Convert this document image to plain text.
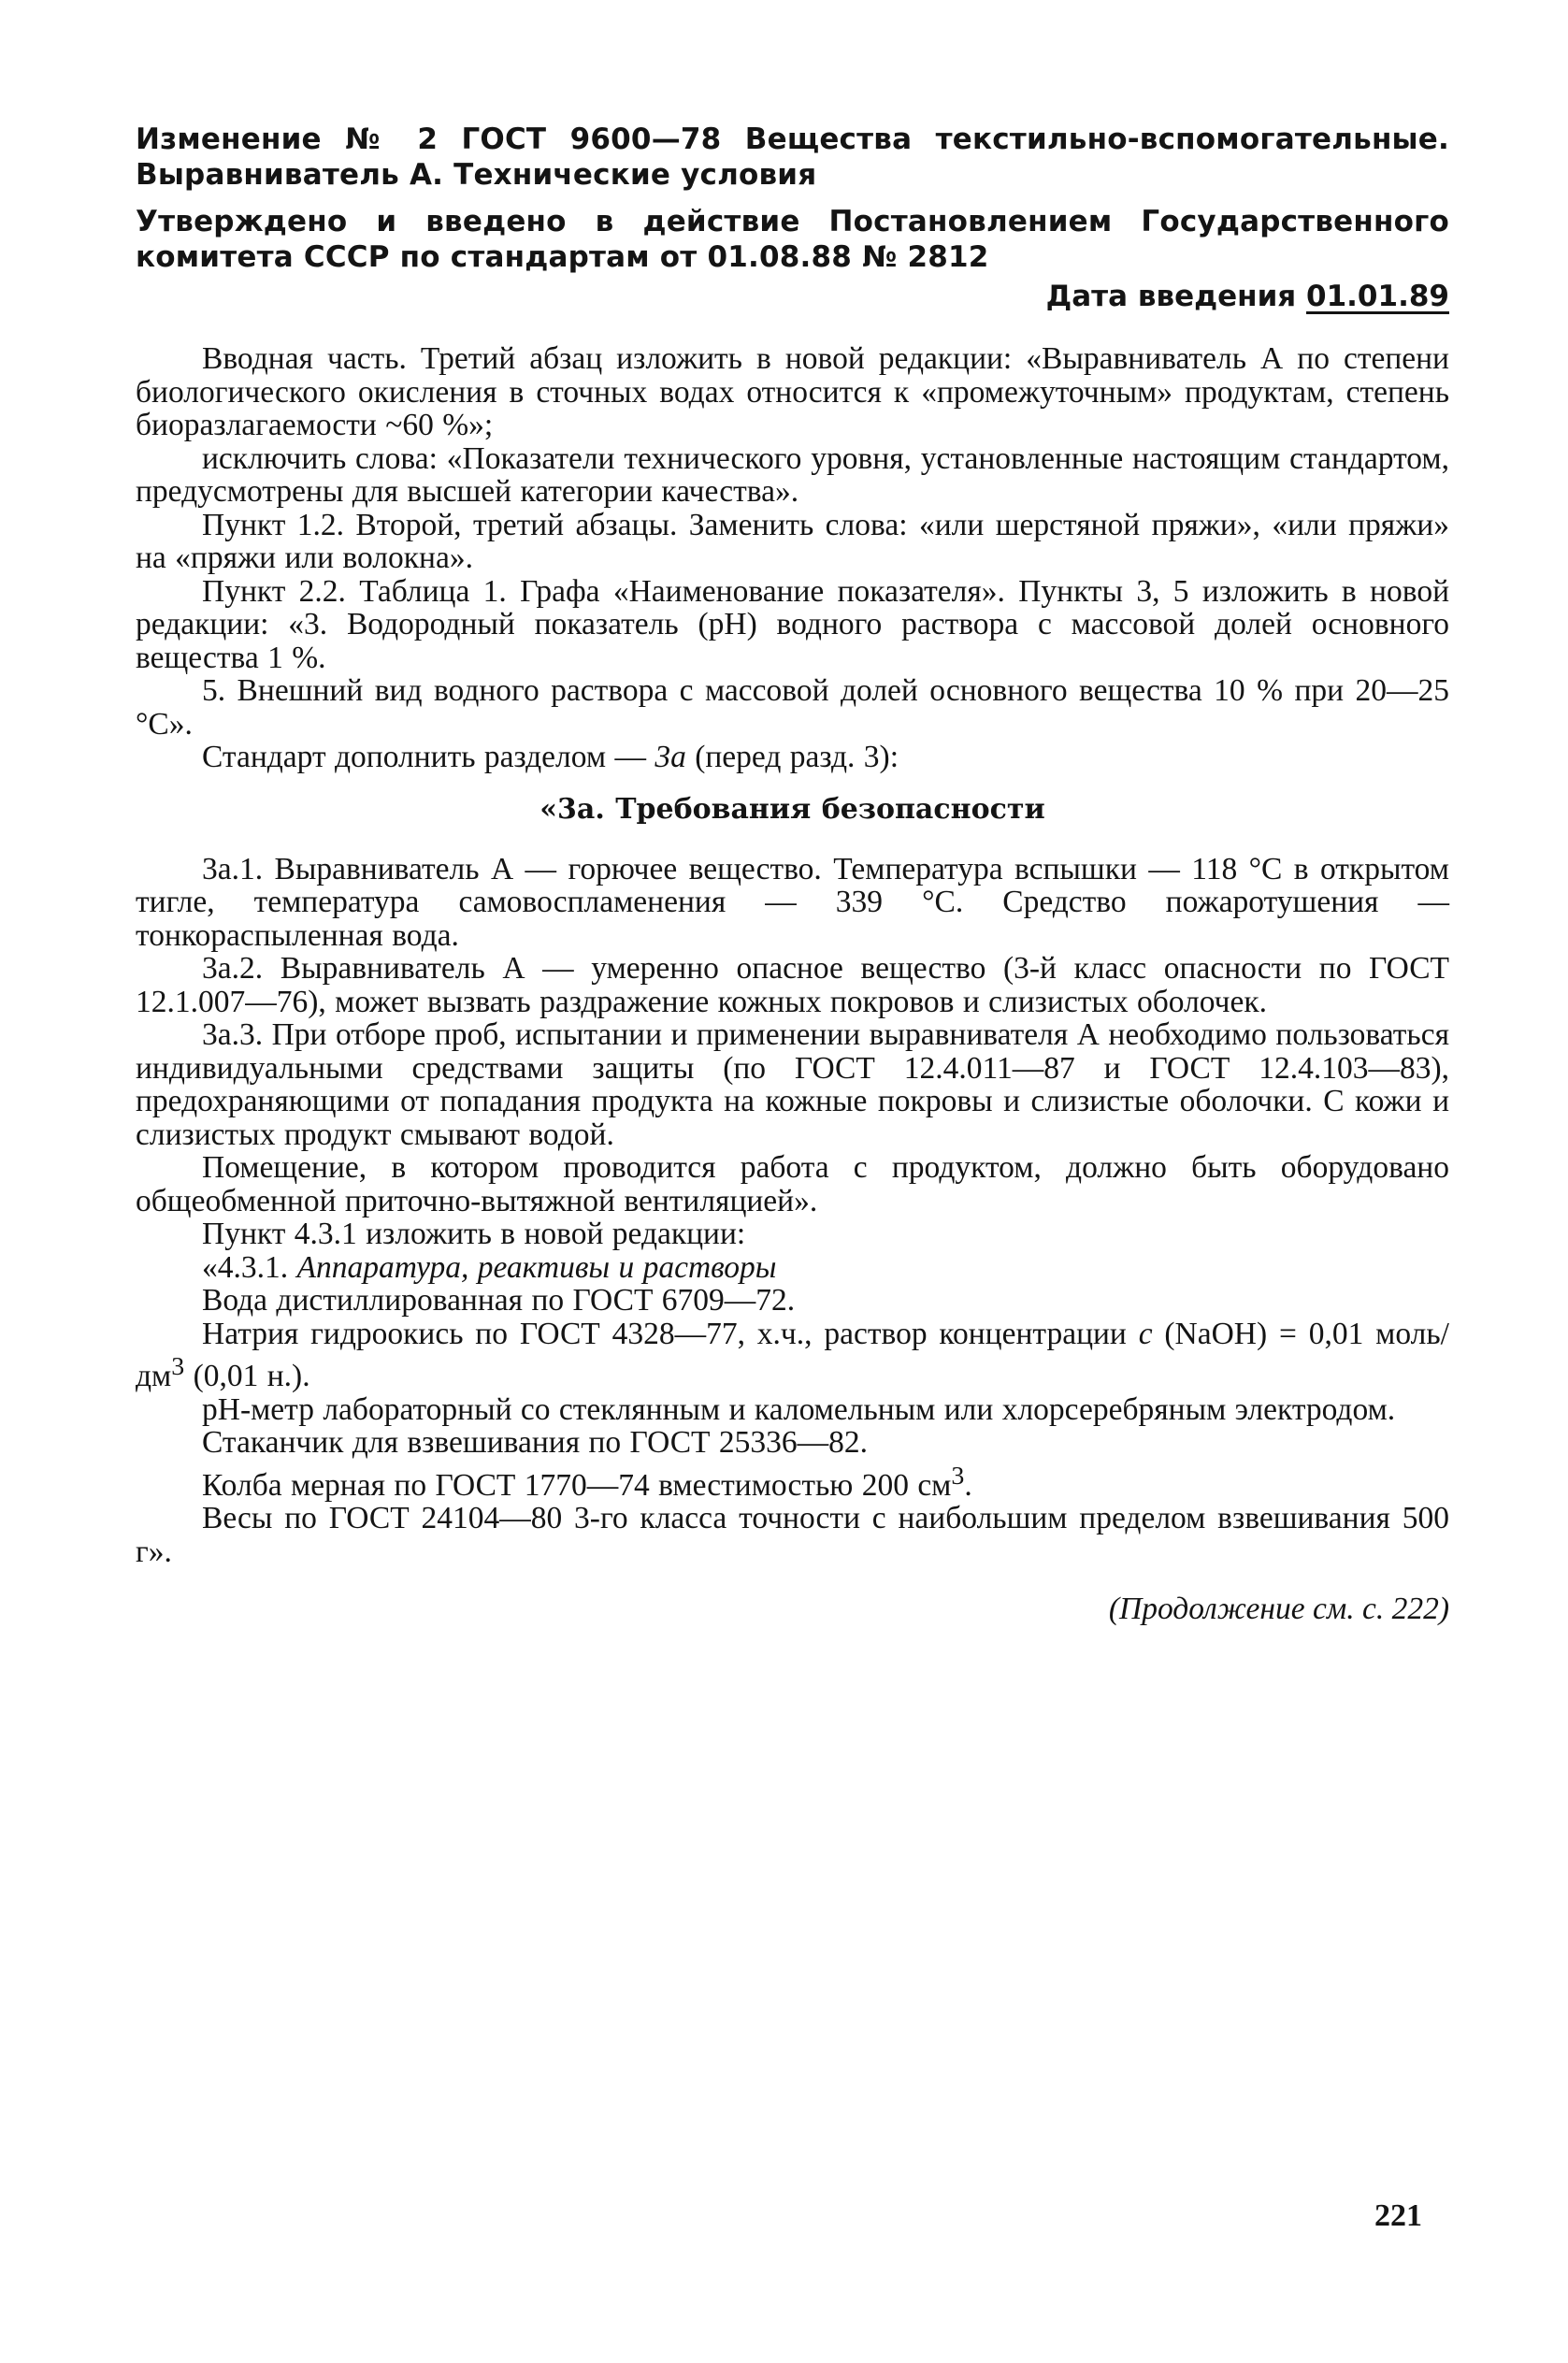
Изменение № 2 ГОСТ 9600—78 Вещества текстильно-вспомогательные. Выравниватель А. Технические условия
Утверждено и введено в действие Постановлением Государственного комитета СССР по стандартам от 01.08.88 № 2812
Дата введения 01.01.89

Вводная часть. Третий абзац изложить в новой редакции: «Выравниватель А по степени биологического окисления в сточных водах относится к «промежуточным» продуктам, степень биоразлагаемости ~60 %»;

исключить слова: «Показатели технического уровня, установленные настоящим стандартом, предусмотрены для высшей категории качества».

Пункт 1.2. Второй, третий абзацы. Заменить слова: «или шерстяной пряжи», «или пряжи» на «пряжи или волокна».

Пункт 2.2. Таблица 1. Графа «Наименование показателя». Пункты 3, 5 изложить в новой редакции: «3. Водородный показатель (pH) водного раствора с массовой долей основного вещества 1 %.

5. Внешний вид водного раствора с массовой долей основного вещества 10 % при 20—25 °С».

Стандарт дополнить разделом — 3а (перед разд. 3):

«3а. Требования безопасности

3а.1. Выравниватель А — горючее вещество. Температура вспышки — 118 °С в открытом тигле, температура самовоспламенения — 339 °С. Средство пожаротушения — тонкораспыленная вода.

3а.2. Выравниватель А — умеренно опасное вещество (3-й класс опасности по ГОСТ 12.1.007—76), может вызвать раздражение кожных покровов и слизистых оболочек.

3а.3. При отборе проб, испытании и применении выравнивателя А необходимо пользоваться индивидуальными средствами защиты (по ГОСТ 12.4.011—87 и ГОСТ 12.4.103—83), предохраняющими от попадания продукта на кожные покровы и слизистые оболочки. С кожи и слизистых продукт смывают водой.

Помещение, в котором проводится работа с продуктом, должно быть оборудовано общеобменной приточно-вытяжной вентиляцией».

Пункт 4.3.1 изложить в новой редакции:

«4.3.1. Аппаратура, реактивы и растворы

Вода дистиллированная по ГОСТ 6709—72.

Натрия гидроокись по ГОСТ 4328—77, х.ч., раствор концентрации c (NaOH) = 0,01 моль/$дм^3$ (0,01 н.).

pH-метр лабораторный со стеклянным и каломельным или хлорсеребряным электродом.

Стаканчик для взвешивания по ГОСТ 25336—82.

Колба мерная по ГОСТ 1770—74 вместимостью 200 $см^3$.

Весы по ГОСТ 24104—80 3-го класса точности с наибольшим пределом взвешивания 500 г».

(Продолжение см. с. 222)
221
